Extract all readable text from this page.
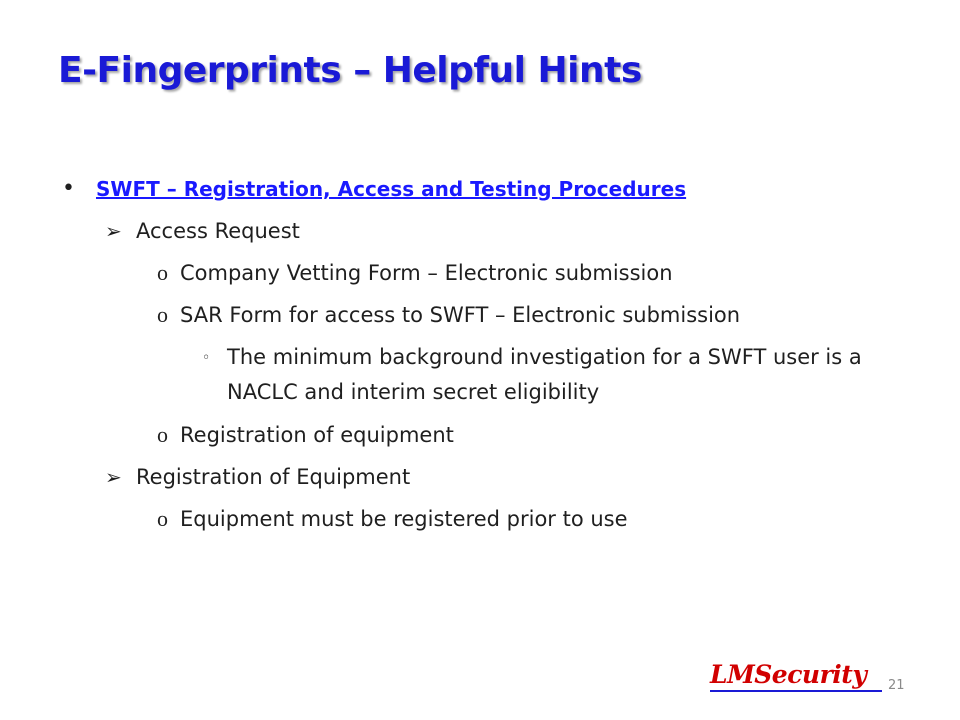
E-Fingerprints – Helpful Hints
• SWFT – Registration, Access and Testing Procedures
➢ Access Request
o Company Vetting Form – Electronic submission
o SAR Form for access to SWFT – Electronic submission
◦ The minimum background investigation for a SWFT user is a NACLC and interim secret eligibility
o Registration of equipment
➢ Registration of Equipment
o Equipment must be registered prior to use
LMSecurity 21
